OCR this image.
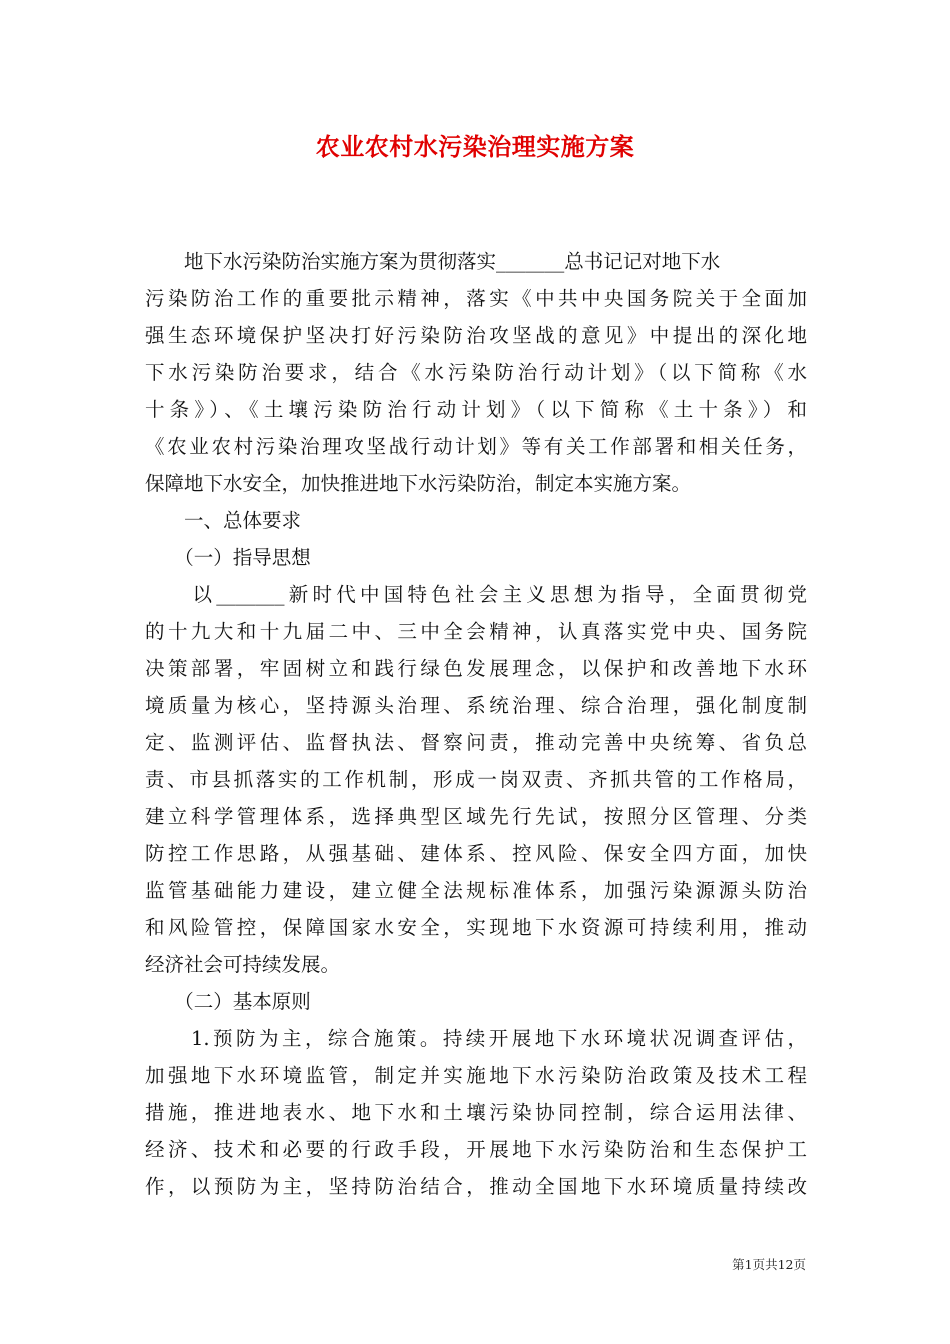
农业农村水污染治理实施方案
　　地下水污染防治实施方案为贯彻落实_______总书记记对地下水
污染防治工作的重要批示精神，落实《中共中央国务院关于全面加
强生态环境保护坚决打好污染防治攻坚战的意见》中提出的深化地
下水污染防治要求，结合《水污染防治行动计划》（以下简称《水
十条》）、《土壤污染防治行动计划》（以下简称《土十条》）和
《农业农村污染治理攻坚战行动计划》等有关工作部署和相关任务，
保障地下水安全，加快推进地下水污染防治，制定本实施方案。
　　一、总体要求
　　（一）指导思想
　　以_______新时代中国特色社会主义思想为指导，全面贯彻党
的十九大和十九届二中、三中全会精神，认真落实党中央、国务院
决策部署，牢固树立和践行绿色发展理念，以保护和改善地下水环
境质量为核心，坚持源头治理、系统治理、综合治理，强化制度制
定、监测评估、监督执法、督察问责，推动完善中央统筹、省负总
责、市县抓落实的工作机制，形成一岗双责、齐抓共管的工作格局，
建立科学管理体系，选择典型区域先行先试，按照分区管理、分类
防控工作思路，从强基础、建体系、控风险、保安全四方面，加快
监管基础能力建设，建立健全法规标准体系，加强污染源源头防治
和风险管控，保障国家水安全，实现地下水资源可持续利用，推动
经济社会可持续发展。
　　（二）基本原则
　　1.预防为主，综合施策。持续开展地下水环境状况调查评估，
加强地下水环境监管，制定并实施地下水污染防治政策及技术工程
措施，推进地表水、地下水和土壤污染协同控制，综合运用法律、
经济、技术和必要的行政手段，开展地下水污染防治和生态保护工
作，以预防为主，坚持防治结合，推动全国地下水环境质量持续改
第1页共12页
